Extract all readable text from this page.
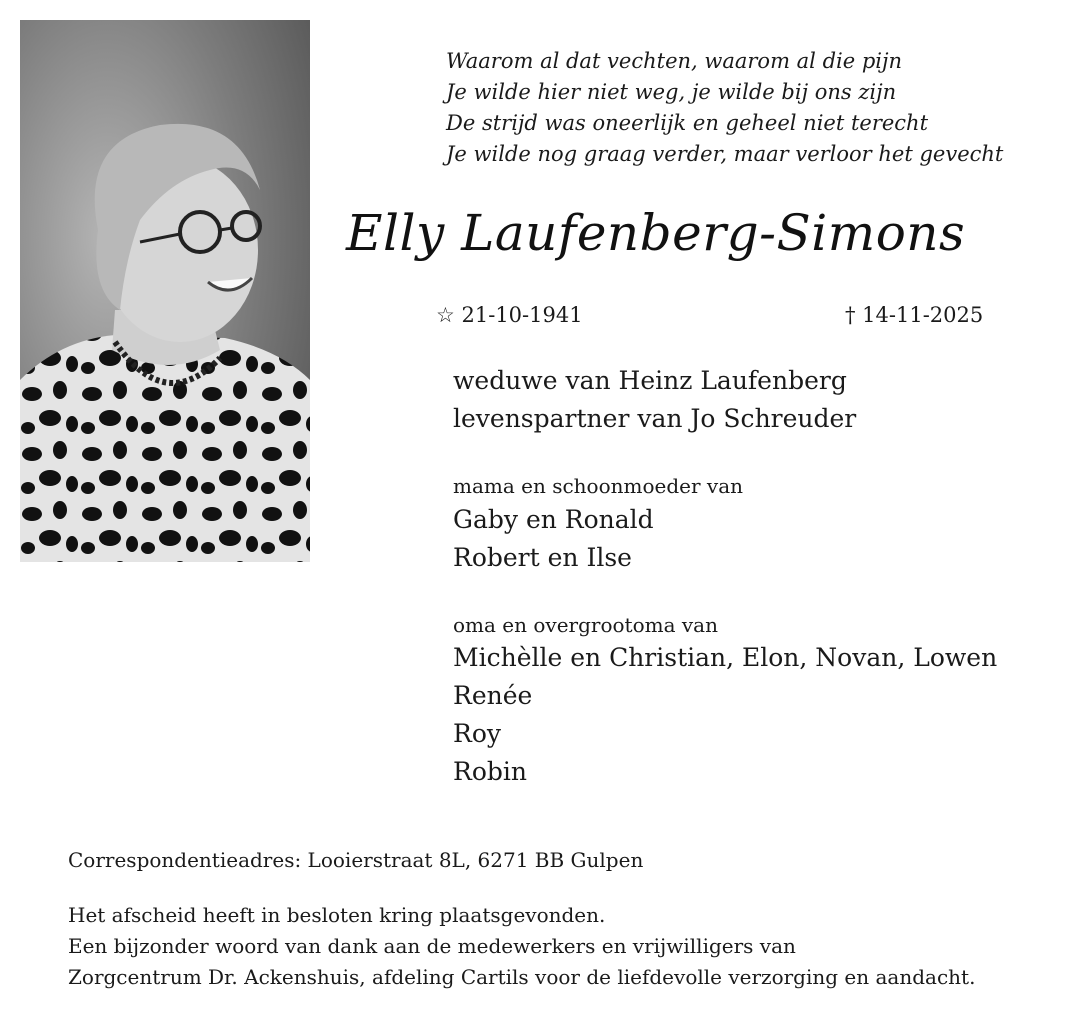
Waarom al dat vechten, waarom al die pijn
Je wilde hier niet weg, je wilde bij ons zijn
De strijd was oneerlijk en geheel niet terecht
Je wilde nog graag verder, maar verloor het gevecht
Elly Laufenberg-Simons
☆ 21-10-1941	† 14-11-2025
weduwe van Heinz Laufenberg
levenspartner van Jo Schreuder
mama en schoonmoeder van
Gaby en Ronald
Robert en Ilse
oma en overgrootoma van
Michèlle en Christian, Elon, Novan, Lowen
Renée
Roy
Robin
Correspondentieadres: Looierstraat 8L, 6271 BB Gulpen
Het afscheid heeft in besloten kring plaatsgevonden.
Een bijzonder woord van dank aan de medewerkers en vrijwilligers van
Zorgcentrum Dr. Ackenshuis, afdeling Cartils voor de liefdevolle verzorging en aandacht.
